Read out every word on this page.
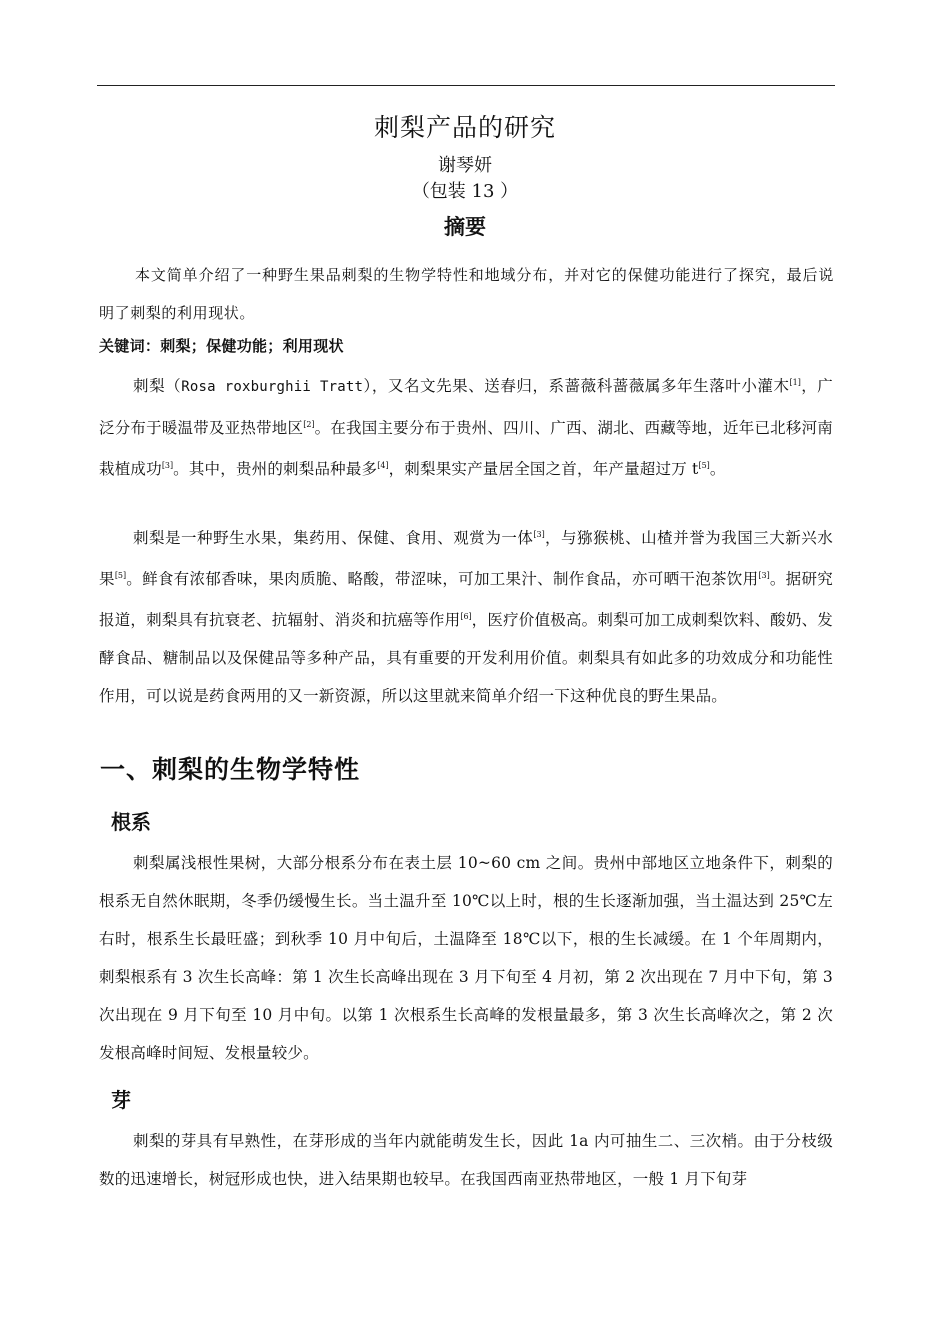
刺梨产品的研究
谢琴妍
（包装 13 ）
摘要

本文简单介绍了一种野生果品刺梨的生物学特性和地域分布，并对它的保健功能进行了探究，最后说明了刺梨的利用现状。

关键词：刺梨；保健功能；利用现状

刺梨（Rosa roxburghii Tratt），又名文先果、送春归，系蔷薇科蔷薇属多年生落叶小灌木[1]，广泛分布于暖温带及亚热带地区[2]。在我国主要分布于贵州、四川、广西、湖北、西藏等地，近年已北移河南栽植成功[3]。其中，贵州的刺梨品种最多[4]，刺梨果实产量居全国之首，年产量超过万 t[5]。

刺梨是一种野生水果，集药用、保健、食用、观赏为一体[3]，与猕猴桃、山楂并誉为我国三大新兴水果[5]。鲜食有浓郁香味，果肉质脆、略酸，带涩味，可加工果汁、制作食品，亦可晒干泡茶饮用[3]。据研究报道，刺梨具有抗衰老、抗辐射、消炎和抗癌等作用[6]，医疗价值极高。刺梨可加工成刺梨饮料、酸奶、发酵食品、糖制品以及保健品等多种产品，具有重要的开发利用价值。刺梨具有如此多的功效成分和功能性作用，可以说是药食两用的又一新资源，所以这里就来简单介绍一下这种优良的野生果品。

一、刺梨的生物学特性
根系

刺梨属浅根性果树，大部分根系分布在表土层 10~60 cm 之间。贵州中部地区立地条件下，刺梨的根系无自然休眠期，冬季仍缓慢生长。当土温升至 10℃以上时，根的生长逐渐加强，当土温达到 25℃左右时，根系生长最旺盛；到秋季 10 月中旬后，土温降至 18℃以下，根的生长减缓。在 1 个年周期内，刺梨根系有 3 次生长高峰：第 1 次生长高峰出现在 3 月下旬至 4 月初，第 2 次出现在 7 月中下旬，第 3 次出现在 9 月下旬至 10 月中旬。以第 1 次根系生长高峰的发根量最多，第 3 次生长高峰次之，第 2 次发根高峰时间短、发根量较少。

芽

刺梨的芽具有早熟性，在芽形成的当年内就能萌发生长，因此 1a 内可抽生二、三次梢。由于分枝级数的迅速增长，树冠形成也快，进入结果期也较早。在我国西南亚热带地区，一般 1 月下旬芽
